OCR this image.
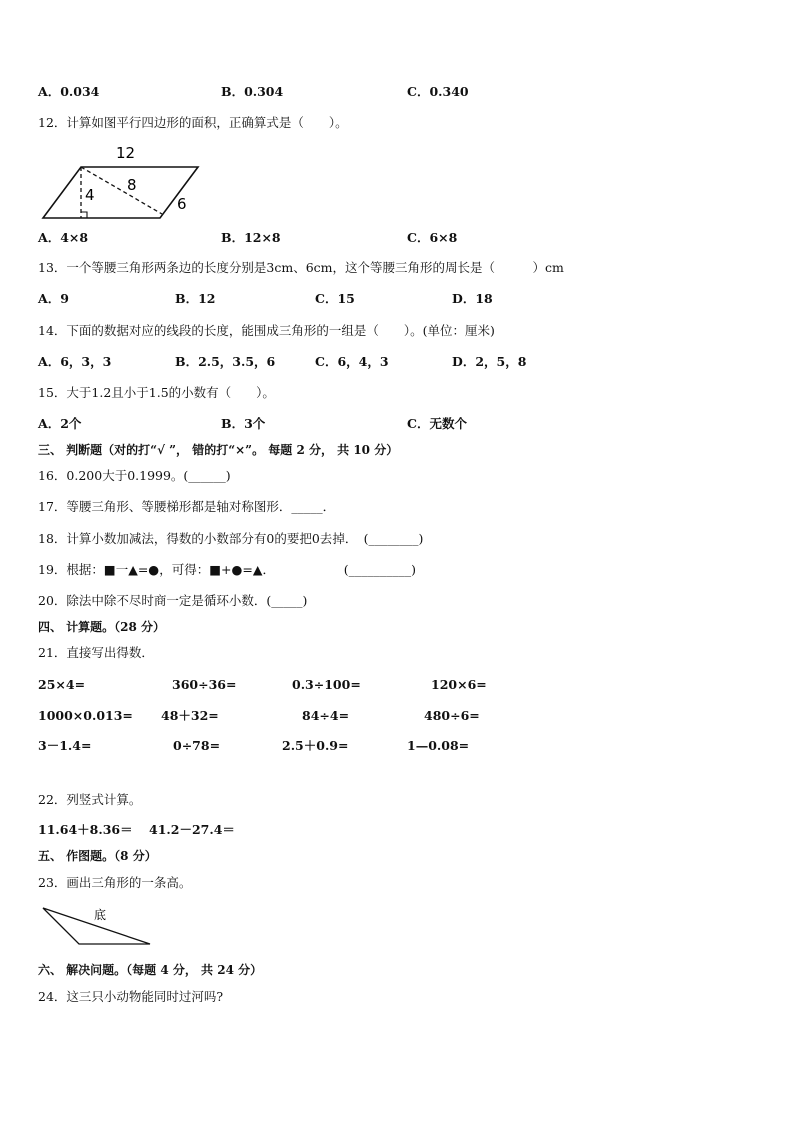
A．0.034	B．0.304	C．0.340
12．计算如图平行四边形的面积，正确算式是（　　）。
12
4
8
6
A．4×8	B．12×8	C．6×8
13．一个等腰三角形两条边的长度分别是3cm、6cm，这个等腰三角形的周长是（　　　）cm
A．9	B．12	C．15	D．18
14．下面的数据对应的线段的长度，能围成三角形的一组是（　　）。(单位：厘米)
A．6，3，3	B．2.5，3.5，6	C．6，4，3	D．2，5，8
15．大于1.2且小于1.5的小数有（　　）。
A．2个	B．3个	C．无数个
三、 判断题（对的打“√ ”， 错的打“×”。 每题 2 分， 共 10 分）
16．0.200大于0.1999。(______)
17．等腰三角形、等腰梯形都是轴对称图形．_____．
18．计算小数加减法，得数的小数部分有0的要把0去掉．　(________)
19．根据：■一▲=●，可得：■+●=▲．　　　　　　(__________)
20．除法中除不尽时商一定是循环小数．(_____)
四、 计算题。（28 分）
21．直接写出得数．
25×4=	360÷36=	0.3÷100=	120×6=
1000×0.013= 48＋32=	84÷4=	480÷6=
3－1.4=	0÷78=	2.5＋0.9=	1—0.08=
22．列竖式计算。
11.64＋8.36＝ 41.2－27.4＝
五、 作图题。（8 分）
23．画出三角形的一条高。
底
六、 解决问题。（每题 4 分， 共 24 分）
24．这三只小动物能同时过河吗?
